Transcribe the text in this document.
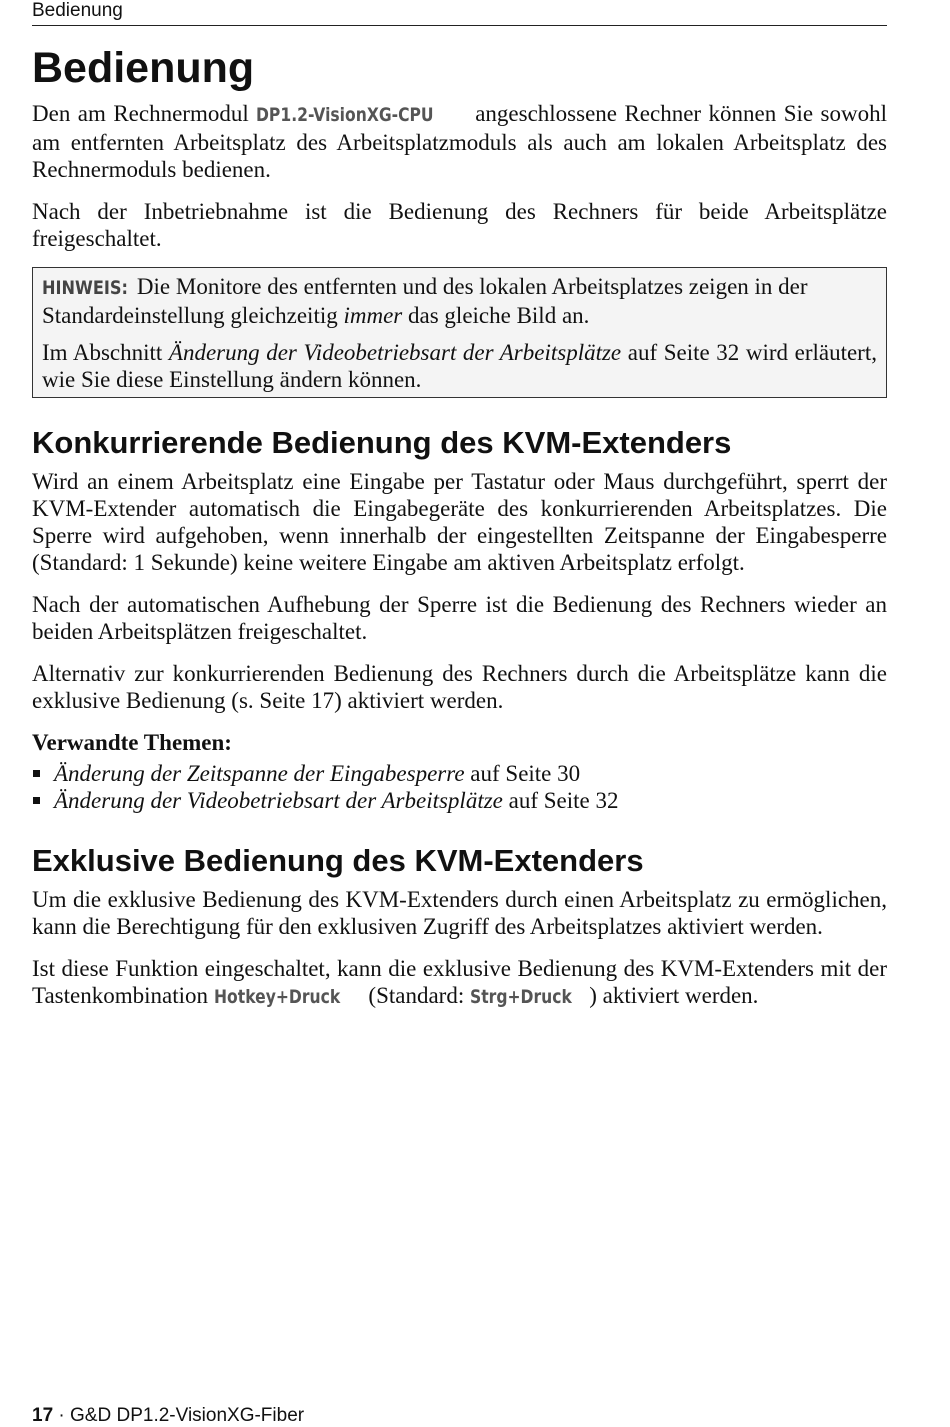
Bedienung
Bedienung

Den am Rechnermodul DP1.2-VisionXG-CPU angeschlossene Rechner können Sie sowohl am entfernten Arbeitsplatz des Arbeitsplatzmoduls als auch am lokalen Arbeitsplatz des Rechnermoduls bedienen.

Nach der Inbetriebnahme ist die Bedienung des Rechners für beide Arbeitsplätze freigeschaltet.

HINWEIS: Die Monitore des entfernten und des lokalen Arbeitsplatzes zeigen in der Standardeinstellung gleichzeitig immer das gleiche Bild an.

Im Abschnitt Änderung der Videobetriebsart der Arbeitsplätze auf Seite 32 wird erläutert, wie Sie diese Einstellung ändern können.

Konkurrierende Bedienung des KVM-Extenders

Wird an einem Arbeitsplatz eine Eingabe per Tastatur oder Maus durchgeführt, sperrt der KVM-Extender automatisch die Eingabegeräte des konkurrierenden Arbeitsplatzes. Die Sperre wird aufgehoben, wenn innerhalb der eingestellten Zeitspanne der Eingabesperre (Standard: 1 Sekunde) keine weitere Eingabe am aktiven Arbeitsplatz erfolgt.

Nach der automatischen Aufhebung der Sperre ist die Bedienung des Rechners wieder an beiden Arbeitsplätzen freigeschaltet.

Alternativ zur konkurrierenden Bedienung des Rechners durch die Arbeitsplätze kann die exklusive Bedienung (s. Seite 17) aktiviert werden.

Verwandte Themen:
Änderung der Zeitspanne der Eingabesperre auf Seite 30
Änderung der Videobetriebsart der Arbeitsplätze auf Seite 32
Exklusive Bedienung des KVM-Extenders

Um die exklusive Bedienung des KVM-Extenders durch einen Arbeitsplatz zu ermöglichen, kann die Berechtigung für den exklusiven Zugriff des Arbeitsplatzes aktiviert werden.

Ist diese Funktion eingeschaltet, kann die exklusive Bedienung des KVM-Extenders mit der Tastenkombination Hotkey+Druck (Standard: Strg+Druck ) aktiviert werden.

17 · G&D DP1.2-VisionXG-Fiber
